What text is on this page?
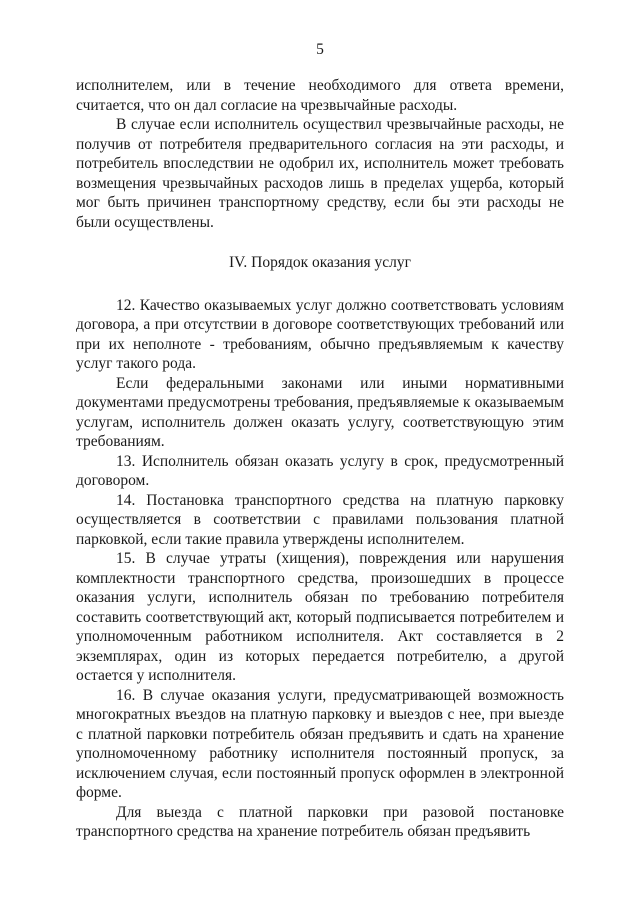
5

исполнителем, или в течение необходимого для ответа времени, считается, что он дал согласие на чрезвычайные расходы.

В случае если исполнитель осуществил чрезвычайные расходы, не получив от потребителя предварительного согласия на эти расходы, и потребитель впоследствии не одобрил их, исполнитель может требовать возмещения чрезвычайных расходов лишь в пределах ущерба, который мог быть причинен транспортному средству, если бы эти расходы не были осуществлены.

IV. Порядок оказания услуг

12. Качество оказываемых услуг должно соответствовать условиям договора, а при отсутствии в договоре соответствующих требований или при их неполноте - требованиям, обычно предъявляемым к качеству услуг такого рода.

Если федеральными законами или иными нормативными документами предусмотрены требования, предъявляемые к оказываемым услугам, исполнитель должен оказать услугу, соответствующую этим требованиям.

13. Исполнитель обязан оказать услугу в срок, предусмотренный договором.

14. Постановка транспортного средства на платную парковку осуществляется в соответствии с правилами пользования платной парковкой, если такие правила утверждены исполнителем.

15. В случае утраты (хищения), повреждения или нарушения комплектности транспортного средства, произошедших в процессе оказания услуги, исполнитель обязан по требованию потребителя составить соответствующий акт, который подписывается потребителем и уполномоченным работником исполнителя. Акт составляется в 2 экземплярах, один из которых передается потребителю, а другой остается у исполнителя.

16. В случае оказания услуги, предусматривающей возможность многократных въездов на платную парковку и выездов с нее, при выезде с платной парковки потребитель обязан предъявить и сдать на хранение уполномоченному работнику исполнителя постоянный пропуск, за исключением случая, если постоянный пропуск оформлен в электронной форме.

Для выезда с платной парковки при разовой постановке транспортного средства на хранение потребитель обязан предъявить
